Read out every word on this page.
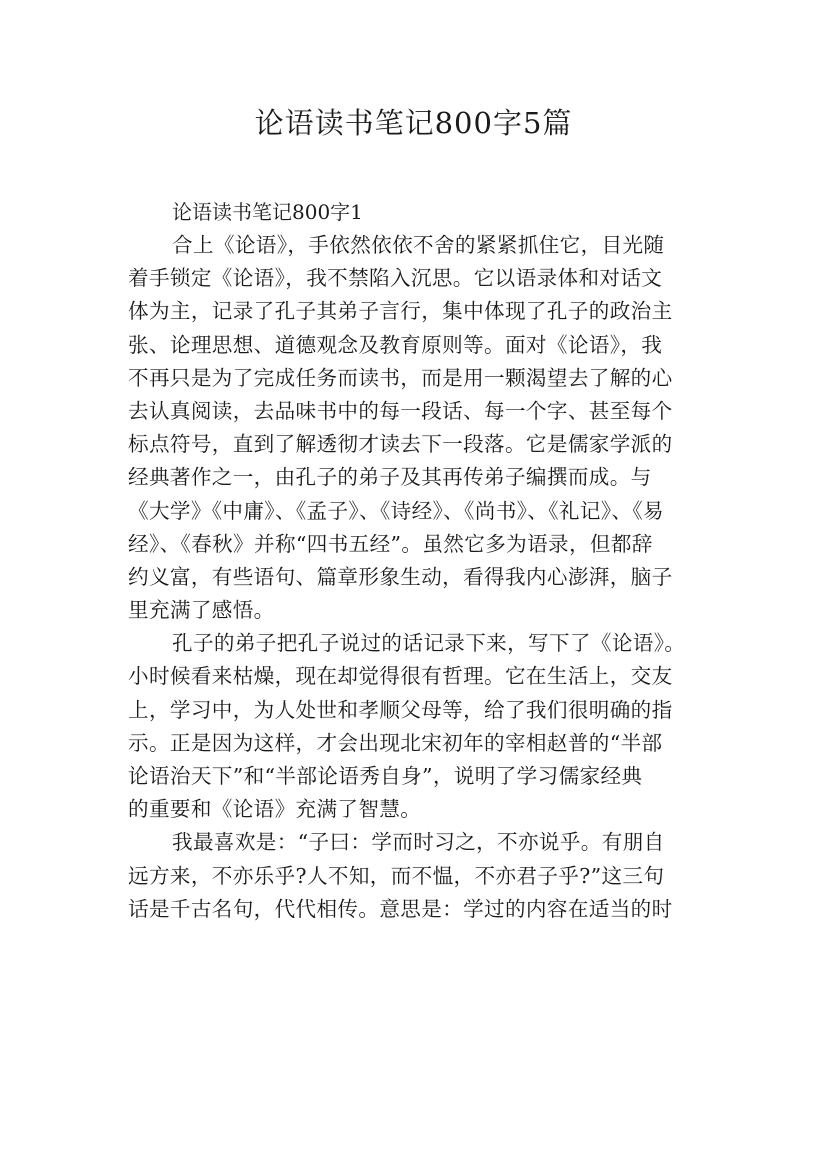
论语读书笔记800字5篇

论语读书笔记800字1

合上《论语》，手依然依依不舍的紧紧抓住它，目光随

着手锁定《论语》，我不禁陷入沉思。它以语录体和对话文

体为主，记录了孔子其弟子言行，集中体现了孔子的政治主

张、论理思想、道德观念及教育原则等。面对《论语》，我

不再只是为了完成任务而读书，而是用一颗渴望去了解的心

去认真阅读，去品味书中的每一段话、每一个字、甚至每个

标点符号，直到了解透彻才读去下一段落。它是儒家学派的

经典著作之一，由孔子的弟子及其再传弟子编撰而成。与

《大学》《中庸》、《孟子》、《诗经》、《尚书》、《礼记》、《易

经》、《春秋》并称“四书五经”。虽然它多为语录，但都辞

约义富，有些语句、篇章形象生动，看得我内心澎湃，脑子

里充满了感悟。

孔子的弟子把孔子说过的话记录下来，写下了《论语》。

小时候看来枯燥，现在却觉得很有哲理。它在生活上，交友

上，学习中，为人处世和孝顺父母等，给了我们很明确的指

示。正是因为这样，才会出现北宋初年的宰相赵普的“半部

论语治天下”和“半部论语秀自身”，说明了学习儒家经典

的重要和《论语》充满了智慧。

我最喜欢是：“子曰：学而时习之，不亦说乎。有朋自

远方来，不亦乐乎?人不知，而不愠，不亦君子乎?”这三句

话是千古名句，代代相传。意思是：学过的内容在适当的时
